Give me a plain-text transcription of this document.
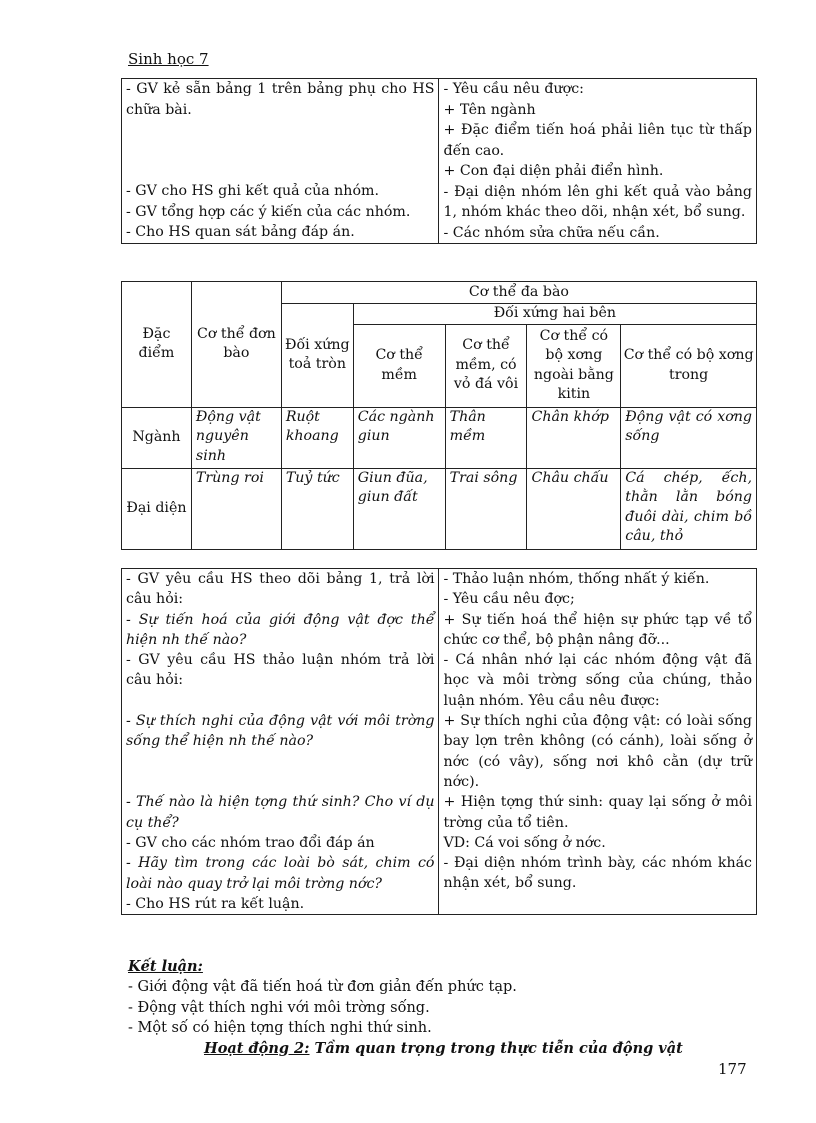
Sinh học 7
- GV kẻ sẵn bảng 1 trên bảng phụ cho HS chữa bài.
- GV cho HS ghi kết quả của nhóm.
- GV tổng hợp các ý kiến của các nhóm.
- Cho HS quan sát bảng đáp án.

- Yêu cầu nêu được:
+ Tên ngành
+ Đặc điểm tiến hoá phải liên tục từ thấp đến cao.
+ Con đại diện phải điển hình.
- Đại diện nhóm lên ghi kết quả vào bảng 1, nhóm khác theo dõi, nhận xét, bổ sung.
- Các nhóm sửa chữa nếu cần.
Đặc điểm	Cơ thể đơn bào	Cơ thể đa bào				
		Đối xứng toả tròn	Đối xứng hai bên			
			Cơ thể mềm	Cơ thể mềm, có vỏ đá vôi	Cơ thể có bộ xơng ngoài bằng kitin	Cơ thể có bộ xơng trong
Ngành	Động vật nguyên sinh	Ruột khoang	Các ngành giun	Thân mềm	Chân khớp	Động vật có xơng sống
Đại diện	Trùng roi	Tuỷ tức	Giun đũa, giun đất	Trai sông	Châu chấu	Cá chép, ếch, thằn lằn bóng đuôi dài, chim bồ câu, thỏ
- GV yêu cầu HS theo dõi bảng 1, trả lời câu hỏi:
- Sự tiến hoá của giới động vật đợc thể hiện nh thế nào?
- GV yêu cầu HS thảo luận nhóm trả lời câu hỏi:
- Sự thích nghi của động vật với môi trờng sống thể hiện nh thế nào?
- Thế nào là hiện tợng thứ sinh? Cho ví dụ cụ thể?
- GV cho các nhóm trao đổi đáp án
- Hãy tìm trong các loài bò sát, chim có loài nào quay trở lại môi trờng nớc?
- Cho HS rút ra kết luận.

- Thảo luận nhóm, thống nhất ý kiến.
- Yêu cầu nêu đợc;
+ Sự tiến hoá thể hiện sự phức tạp về tổ chức cơ thể, bộ phận nâng đỡ...
- Cá nhân nhớ lại các nhóm động vật đã học và môi trờng sống của chúng, thảo luận nhóm. Yêu cầu nêu được:
+ Sự thích nghi của động vật: có loài sống bay lợn trên không (có cánh), loài sống ở nớc (có vây), sống nơi khô cằn (dự trữ nớc).
+ Hiện tợng thứ sinh: quay lại sống ở môi trờng của tổ tiên.
VD: Cá voi sống ở nớc.
- Đại diện nhóm trình bày, các nhóm khác nhận xét, bổ sung.
Kết luận:
- Giới động vật đã tiến hoá từ đơn giản đến phức tạp.
- Động vật thích nghi với môi trờng sống.
- Một số có hiện tợng thích nghi thứ sinh.
Hoạt động 2: Tầm quan trọng trong thực tiễn của động vật
177
